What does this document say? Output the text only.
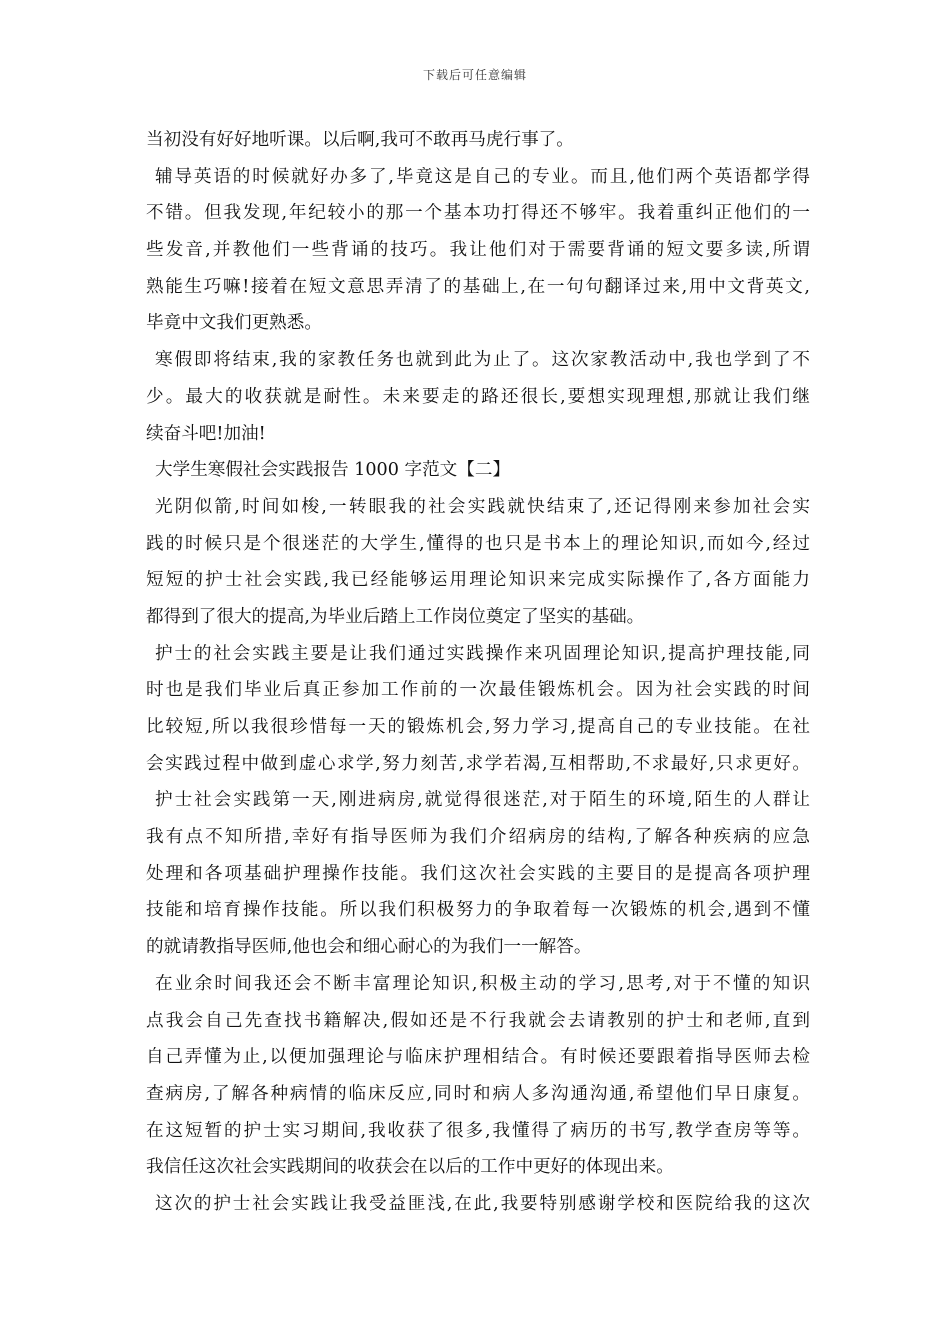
下载后可任意编辑
当初没有好好地听课。以后啊,我可不敢再马虎行事了。
辅导英语的时候就好办多了,毕竟这是自己的专业。而且,他们两个英语都学得
不错。但我发现,年纪较小的那一个基本功打得还不够牢。我着重纠正他们的一
些发音,并教他们一些背诵的技巧。我让他们对于需要背诵的短文要多读,所谓
熟能生巧嘛!接着在短文意思弄清了的基础上,在一句句翻译过来,用中文背英文,
毕竟中文我们更熟悉。
寒假即将结束,我的家教任务也就到此为止了。这次家教活动中,我也学到了不
少。最大的收获就是耐性。未来要走的路还很长,要想实现理想,那就让我们继
续奋斗吧!加油!
大学生寒假社会实践报告 1000 字范文【二】
光阴似箭,时间如梭,一转眼我的社会实践就快结束了,还记得刚来参加社会实
践的时候只是个很迷茫的大学生,懂得的也只是书本上的理论知识,而如今,经过
短短的护士社会实践,我已经能够运用理论知识来完成实际操作了,各方面能力
都得到了很大的提高,为毕业后踏上工作岗位奠定了坚实的基础。
护士的社会实践主要是让我们通过实践操作来巩固理论知识,提高护理技能,同
时也是我们毕业后真正参加工作前的一次最佳锻炼机会。因为社会实践的时间
比较短,所以我很珍惜每一天的锻炼机会,努力学习,提高自己的专业技能。在社
会实践过程中做到虚心求学,努力刻苦,求学若渴,互相帮助,不求最好,只求更好。
护士社会实践第一天,刚进病房,就觉得很迷茫,对于陌生的环境,陌生的人群让
我有点不知所措,幸好有指导医师为我们介绍病房的结构,了解各种疾病的应急
处理和各项基础护理操作技能。我们这次社会实践的主要目的是提高各项护理
技能和培育操作技能。所以我们积极努力的争取着每一次锻炼的机会,遇到不懂
的就请教指导医师,他也会和细心耐心的为我们一一解答。
在业余时间我还会不断丰富理论知识,积极主动的学习,思考,对于不懂的知识
点我会自己先查找书籍解决,假如还是不行我就会去请教别的护士和老师,直到
自己弄懂为止,以便加强理论与临床护理相结合。有时候还要跟着指导医师去检
查病房,了解各种病情的临床反应,同时和病人多沟通沟通,希望他们早日康复。
在这短暂的护士实习期间,我收获了很多,我懂得了病历的书写,教学查房等等。
我信任这次社会实践期间的收获会在以后的工作中更好的体现出来。
这次的护士社会实践让我受益匪浅,在此,我要特别感谢学校和医院给我的这次
